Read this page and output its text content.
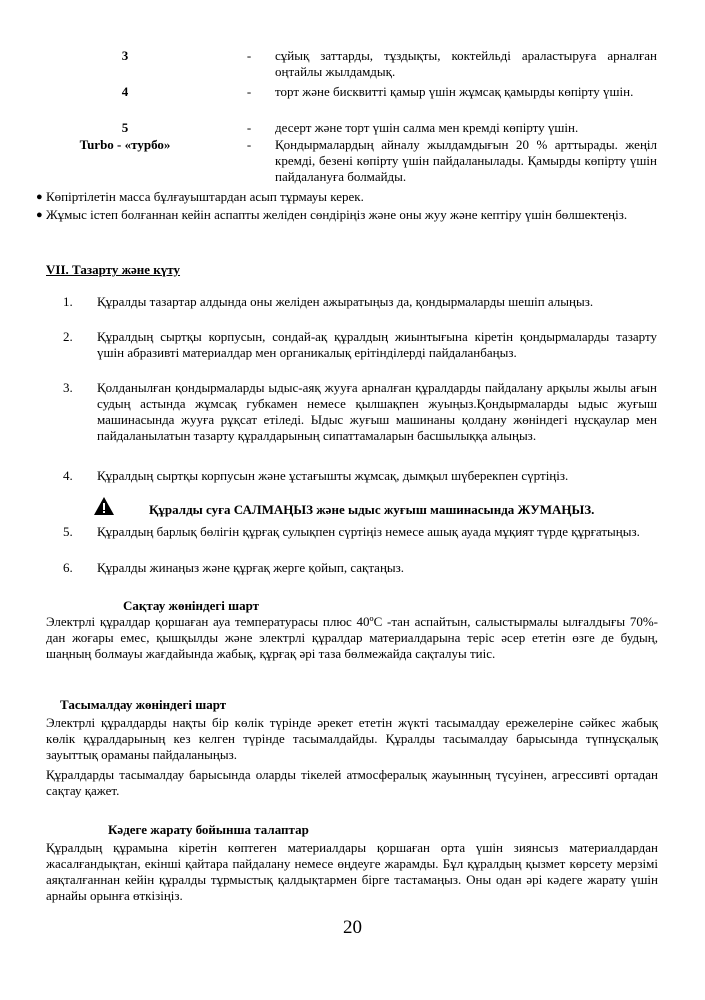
3	- сұйық заттарды, тұздықты, коктейльді араластыруға арналған оңтайлы жылдамдық.
4	- торт және бисквитті қамыр үшін жұмсақ қамырды көпірту үшін.
5	- десерт және торт үшін салма мен кремді көпірту үшін.
Turbo - «турбо»	- Қондырмалардың айналу жылдамдығын 20 % арттырады. жеңіл кремді, безені көпірту үшін пайдаланылады. Қамырды көпірту үшін пайдалануға болмайды.
● Көпіртілетін масса бұлғауыштардан асып тұрмауы керек.
● Жұмыс істеп болғаннан кейін аспапты желіден сөндіріңіз және оны жуу және кептіру үшін бөлшектеңіз.
VII. Тазарту және күту
1. Құралды тазартар алдында оны желіден ажыратыңыз да, қондырмаларды шешіп алыңыз.
2. Құралдың сыртқы корпусын, сондай-ақ құралдың жиынтығына кіретін қондырмаларды тазарту үшін абразивті материалдар мен органикалық ерітінділерді пайдаланбаңыз.
3. Қолданылған қондырмаларды ыдыс-аяқ жууға арналған құралдарды пайдалану арқылы жылы ағын судың астында жұмсақ губкамен немесе қылшақпен жуыңыз.Қондырмаларды ыдыс жуғыш машинасында жууға рұқсат етіледі. Ыдыс жуғыш машинаны қолдану жөніндегі нұсқаулар мен пайдаланылатын тазарту құралдарының сипаттамаларын басшылыққа алыңыз.
4. Құралдың сыртқы корпусын және ұстағышты жұмсақ, дымқыл шүберекпен сүртіңіз.
Құралды суға САЛМАҢЫЗ және ыдыс жуғыш машинасында ЖУМАҢЫЗ.
5. Құралдың барлық бөлігін құрғақ сулықпен сүртіңіз немесе ашық ауада мұқият түрде құрғатыңыз.
6. Құралды жинаңыз және құрғақ жерге қойып, сақтаңыз.
Сақтау жөніндегі шарт
Электрлі құралдар қоршаған ауа температурасы плюс 40ºС -тан аспайтын, салыстырмалы ылғалдығы 70%-дан жоғары емес, қышқылды және электрлі құралдар материалдарына теріс әсер ететін өзге де будың, шаңның болмауы жағдайында жабық, құрғақ әрі таза бөлмежайда сақталуы тиіс.
Тасымалдау жөніндегі шарт
Электрлі құралдарды нақты бір көлік түрінде әрекет ететін жүкті тасымалдау ережелеріне сәйкес жабық көлік құралдарының кез келген түрінде тасымалдайды. Құралды тасымалдау барысында түпнұсқалық зауыттық ораманы пайдаланыңыз.
Құралдарды тасымалдау барысында оларды тікелей атмосфералық жауынның түсуінен, агрессивті ортадан сақтау қажет.
Кәдеге жарату бойынша талаптар
Құралдың құрамына кіретін көптеген материалдары қоршаған орта үшін зиянсыз материалдардан жасалғандықтан, екінші қайтара пайдалану немесе өңдеуге жарамды. Бұл құралдың қызмет көрсету мерзімі аяқталғаннан кейін құралды тұрмыстық қалдықтармен бірге тастамаңыз. Оны одан әрі кәдеге жарату үшін арнайы орынға өткізіңіз.
20
